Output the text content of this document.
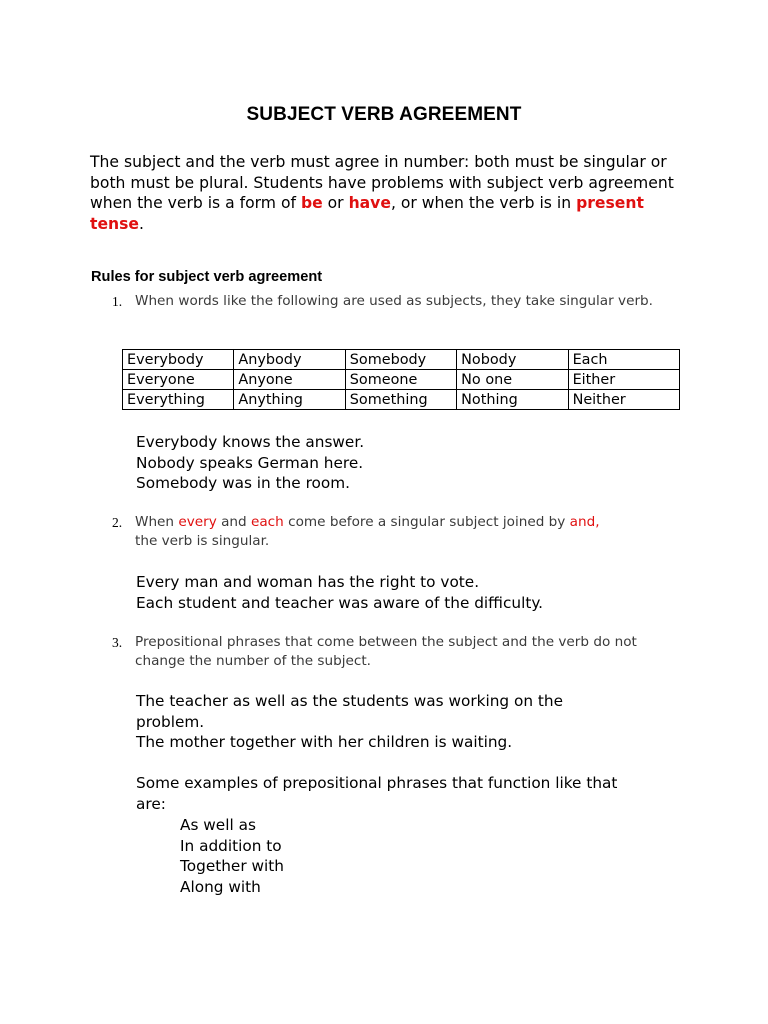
SUBJECT VERB AGREEMENT
The subject and the verb must agree in number: both must be singular or both must be plural. Students have problems with subject verb agreement when the verb is a form of be or have, or when the verb is in present tense.
Rules for subject verb agreement
1. When words like the following are used as subjects, they take singular verb.
Everybody	Anybody	Somebody	Nobody	Each
Everyone	Anyone	Someone	No one	Either
Everything	Anything	Something	Nothing	Neither
Everybody knows the answer.
Nobody speaks German here.
Somebody was in the room.
2. When every and each come before a singular subject joined by and, the verb is singular.
Every man and woman has the right to vote.
Each student and teacher was aware of the difficulty.
3. Prepositional phrases that come between the subject and the verb do not change the number of the subject.
The teacher as well as the students was working on the
problem.
The mother together with her children is waiting.
Some examples of prepositional phrases that function like that
are:
As well as
In addition to
Together with
Along with
